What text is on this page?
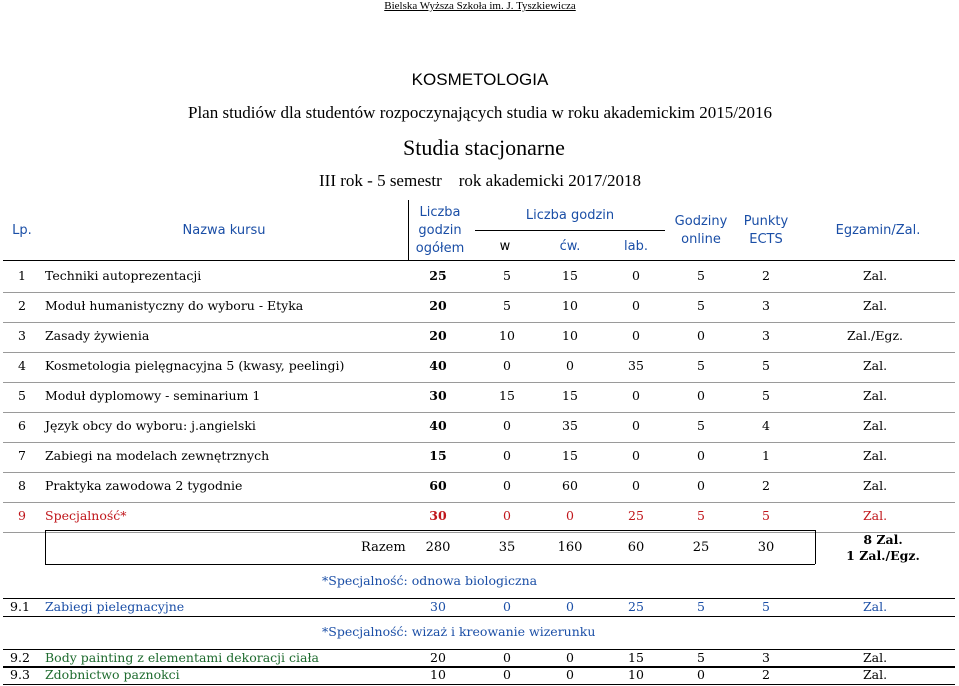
Bielska Wyższa Szkoła im. J. Tyszkiewicza
KOSMETOLOGIA
Plan studiów dla studentów rozpoczynających studia w roku akademickim 2015/2016
Studia stacjonarne
III rok - 5 semestr    rok akademicki 2017/2018
Lp.	Nazwa kursu
Liczba
godzin
ogółem
Liczba godzin
w	ćw.	lab.
Godziny
online
Punkty
ECTS
Egzamin/Zal.
1 Techniki autoprezentacji	25	5	15	0	5	2	Zal.
2 Moduł humanistyczny do wyboru - Etyka	20	5	10	0	5	3	Zal.
3 Zasady żywienia	20	10	10	0	0	3	Zal./Egz.
4 Kosmetologia pielęgnacyjna 5 (kwasy, peelingi)	40	0	0	35	5	5	Zal.
5 Moduł dyplomowy - seminarium 1	30	15	15	0	0	5	Zal.
6 Język obcy do wyboru: j.angielski	40	0	35	0	5	4	Zal.
7 Zabiegi na modelach zewnętrznych	15	0	15	0	0	1	Zal.
8 Praktyka zawodowa 2 tygodnie	60	0	60	0	0	2	Zal.
9 Specjalność*	30	0	0	25	5	5	Zal.
Razem 280	35	160	60	25	30
8 Zal.
1 Zal./Egz.
*Specjalność: odnowa biologiczna
9.1 Zabiegi pielegnacyjne	30	0	0	25	5	5	Zal.
*Specjalność: wizaż i kreowanie wizerunku
9.2 Body painting z elementami dekoracji ciała	20	0	0	15	5	3	Zal.
9.3 Zdobnictwo paznokci	10	0	0	10	0	2	Zal.
